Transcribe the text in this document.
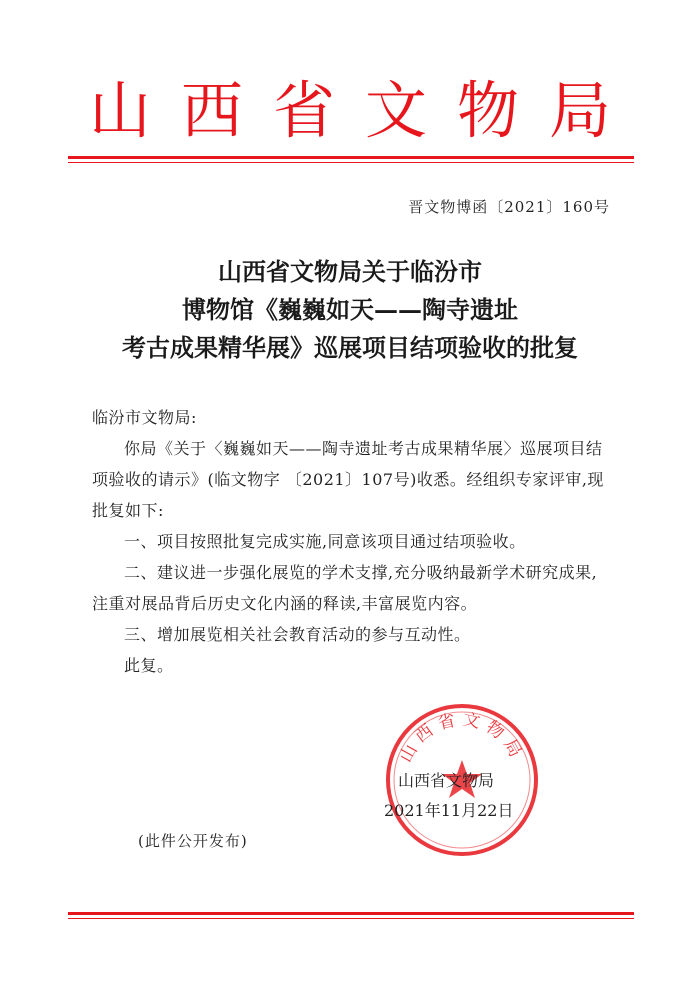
山西省文物局
晋文物博函〔2021〕160号
山西省文物局关于临汾市
博物馆《巍巍如天——陶寺遗址
考古成果精华展》巡展项目结项验收的批复

临汾市文物局:

你局《关于〈巍巍如天——陶寺遗址考古成果精华展〉巡展项目结项验收的请示》(临文物字 〔2021〕107号)收悉。经组织专家评审,现批复如下:

一、项目按照批复完成实施,同意该项目通过结项验收。

二、建议进一步强化展览的学术支撑,充分吸纳最新学术研究成果,注重对展品背后历史文化内涵的释读,丰富展览内容。

三、增加展览相关社会教育活动的参与互动性。

此复。

山西省文物局
山西省文物局
2021年11月22日
(此件公开发布)
